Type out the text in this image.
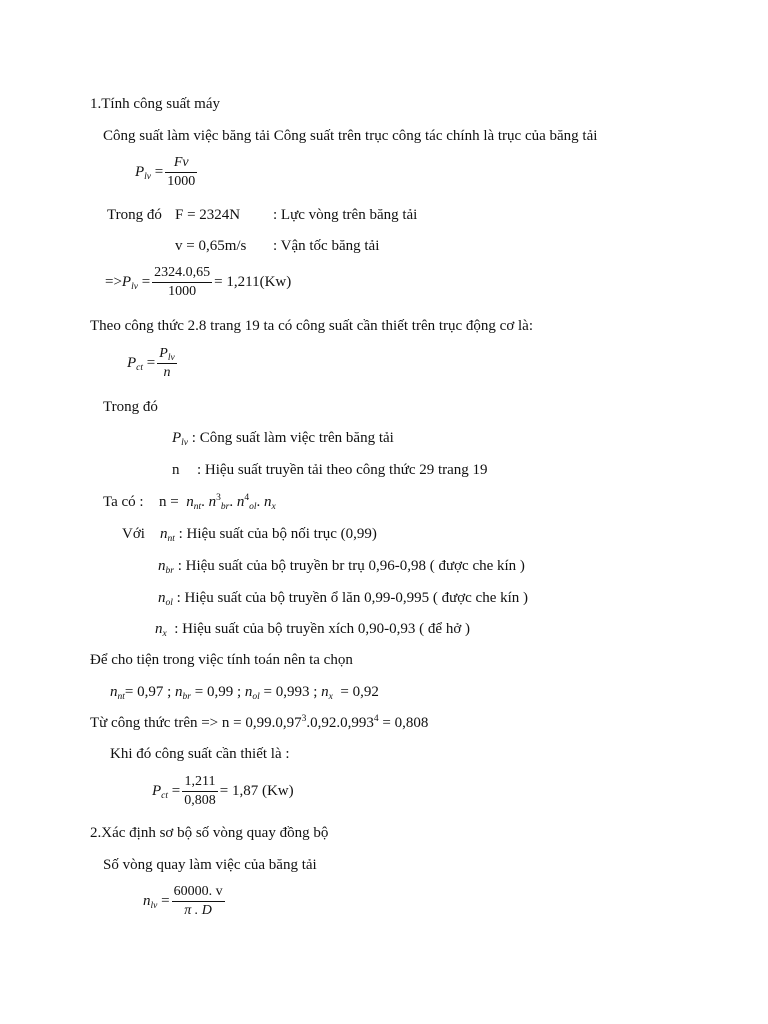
1.Tính công suất máy
Công suất làm việc băng tải Công suất trên trục công tác chính là trục của băng tải
$P_{lv} = \frac{Fv}{1000}$
Trong đó F = 2324N : Lực vòng trên băng tải
v = 0,65m/s : Vận tốc băng tải
$=>P_{lv} = \frac{2324.0,65}{1000} = 1,211(Kw)$
Theo công thức 2.8 trang 19 ta có công suất cần thiết trên trục động cơ là:
$P_{ct} = \frac{P_{lv}}{n}$
Trong đó
$P_{lv}$ : Công suất làm việc trên băng tải
n : Hiệu suất truyền tải theo công thức 29 trang 19
Ta có : $n = n_{nt}$. $n^3_{br}$. $n^4_{ol}$. $n_x$
Với $n_{nt}$ : Hiệu suất của bộ nối trục (0,99)
$n_{br}$ : Hiệu suất của bộ truyền br trụ 0,96-0,98 ( được che kín )
$n_{ol}$ : Hiệu suất của bộ truyền ổ lăn 0,99-0,995 ( được che kín )
$n_x$ : Hiệu suất của bộ truyền xích 0,90-0,93 ( để hở )
Để cho tiện trong việc tính toán nên ta chọn
$n_{nt}= 0,97$ ; $n_{br} = 0,99$ ; $n_{ol} = 0,993$ ; $n_x = 0,92$
Từ công thức trên => $n = 0,99.0,97^3.0,92.0,993^4 = 0,808$
Khi đó công suất cần thiết là :
$P_{ct} = \frac{1,211}{0,808} = 1,87$ (Kw)
2.Xác định sơ bộ số vòng quay đồng bộ
Số vòng quay làm việc của băng tải
$n_{lv} = \frac{60000. v}{\pi . D}$
